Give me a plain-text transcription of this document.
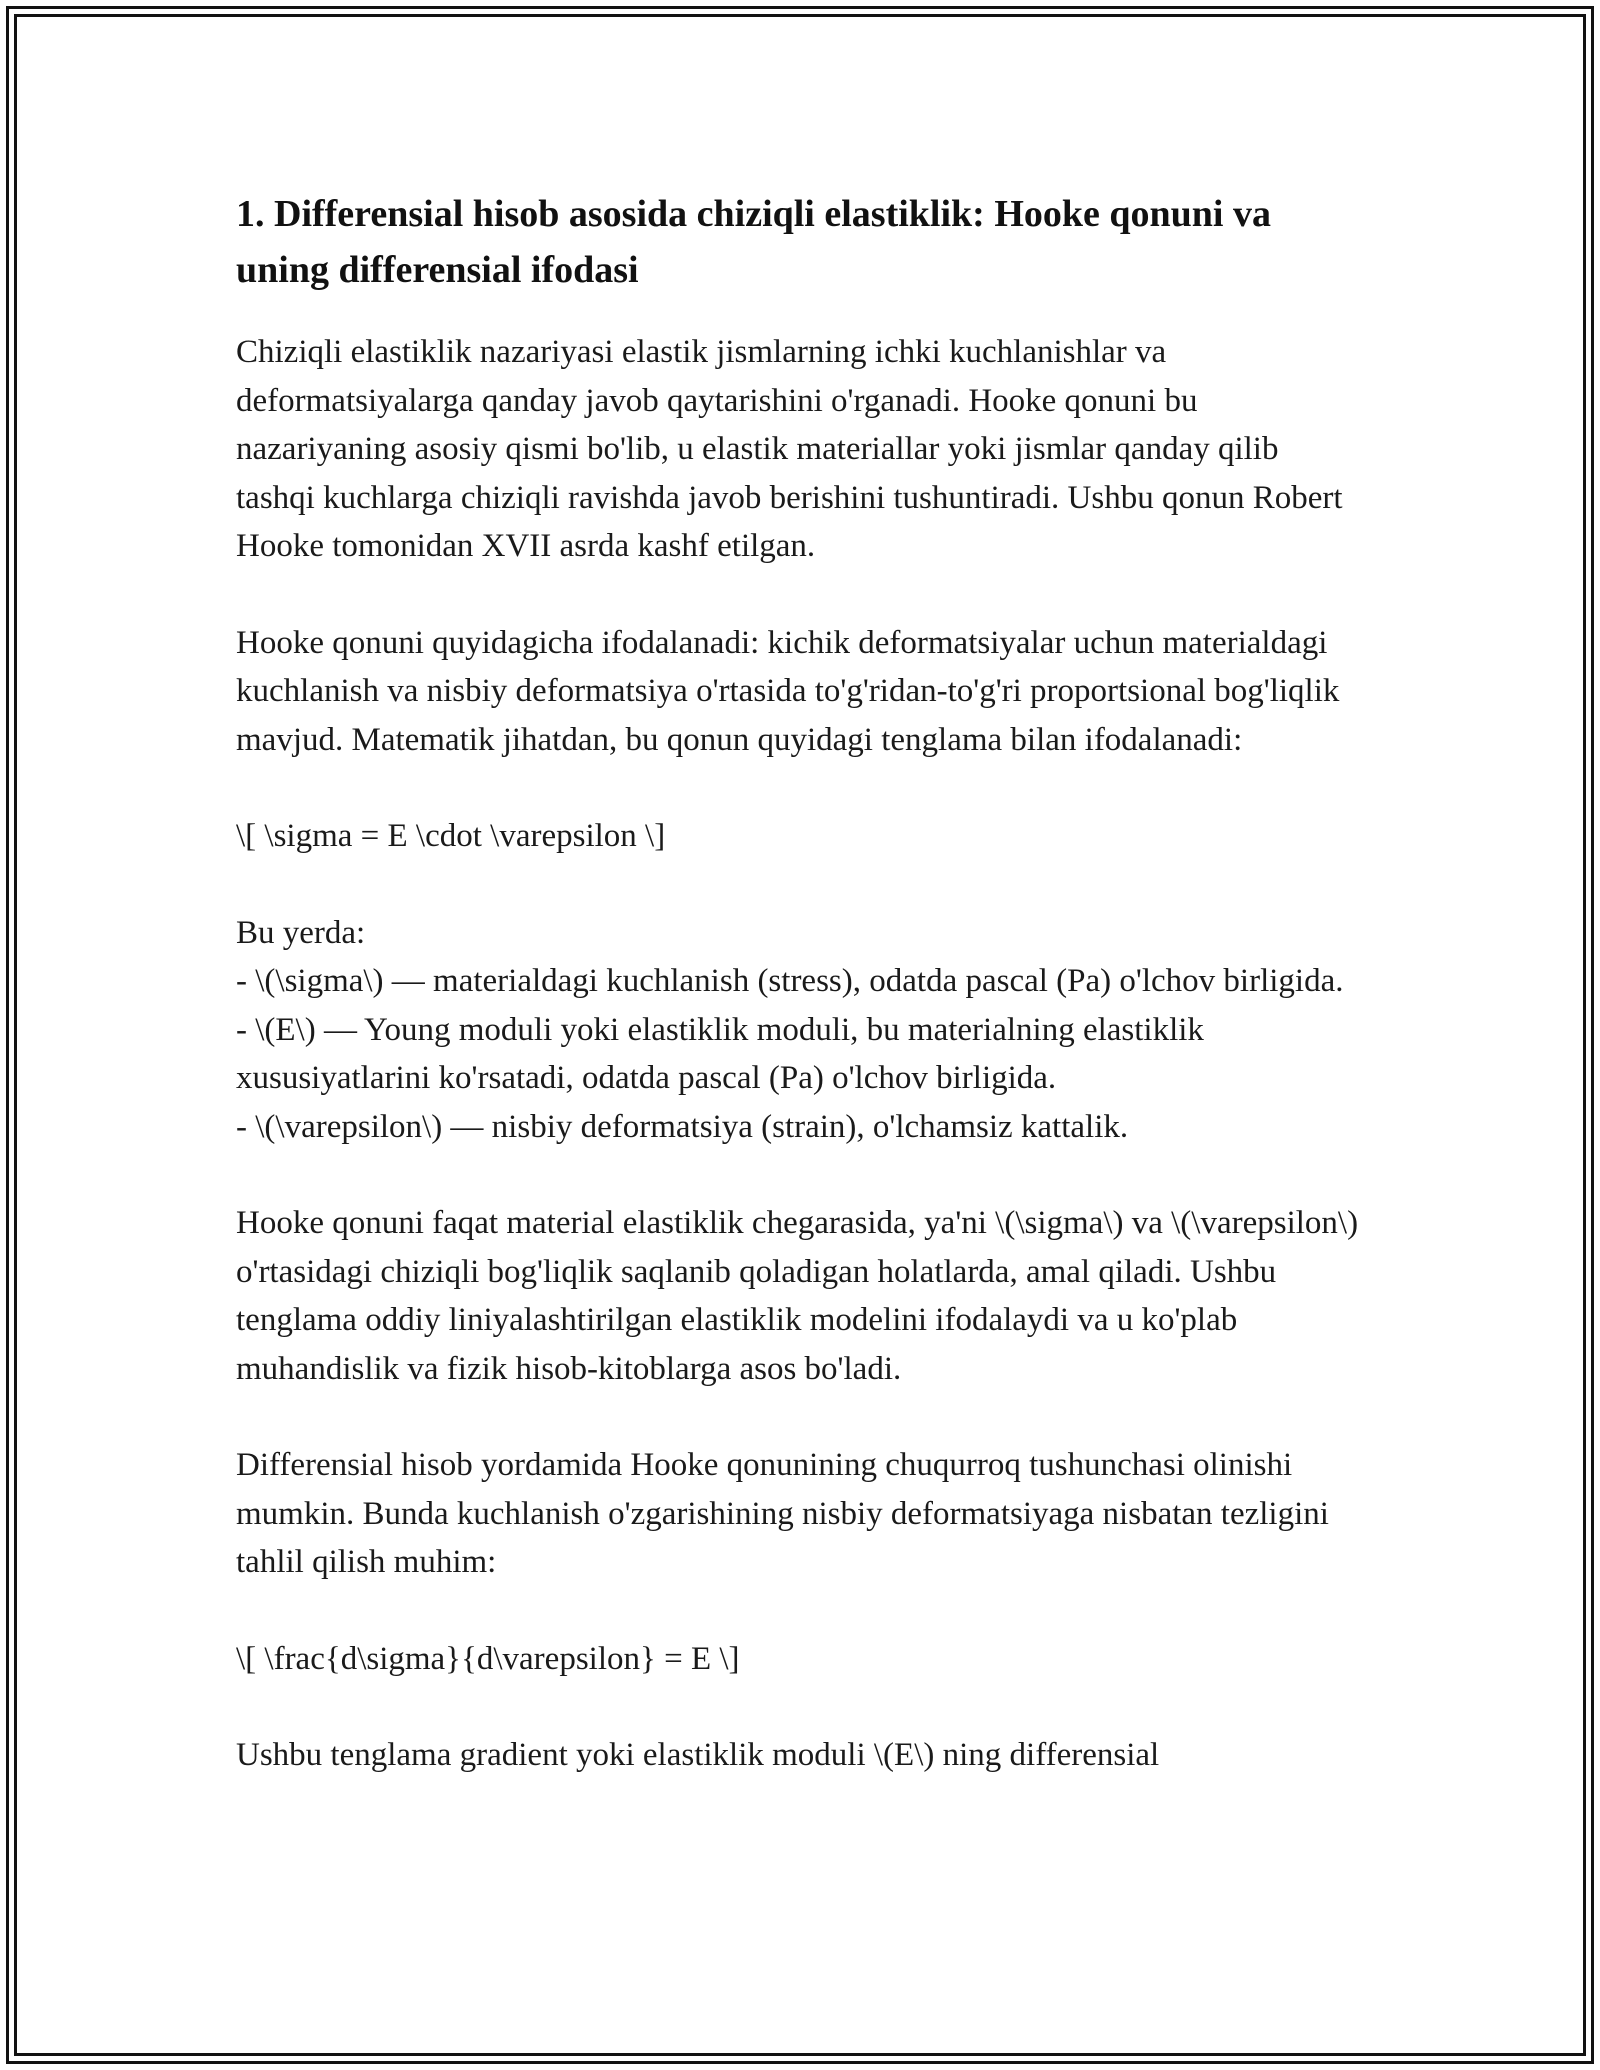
1. Differensial hisob asosida chiziqli elastiklik: Hooke qonuni va uning differensial ifodasi

Chiziqli elastiklik nazariyasi elastik jismlarning ichki kuchlanishlar va deformatsiyalarga qanday javob qaytarishini o'rganadi. Hooke qonuni bu nazariyaning asosiy qismi bo'lib, u elastik materiallar yoki jismlar qanday qilib tashqi kuchlarga chiziqli ravishda javob berishini tushuntiradi. Ushbu qonun Robert Hooke tomonidan XVII asrda kashf etilgan.

Hooke qonuni quyidagicha ifodalanadi: kichik deformatsiyalar uchun materialdagi kuchlanish va nisbiy deformatsiya o'rtasida to'g'ridan-to'g'ri proportsional bog'liqlik mavjud. Matematik jihatdan, bu qonun quyidagi tenglama bilan ifodalanadi:

\[ \sigma = E \cdot \varepsilon \]
Bu yerda:
- \(\sigma\) — materialdagi kuchlanish (stress), odatda pascal (Pa) o'lchov birligida.
- \(E\) — Young moduli yoki elastiklik moduli, bu materialning elastiklik xususiyatlarini ko'rsatadi, odatda pascal (Pa) o'lchov birligida.
- \(\varepsilon\) — nisbiy deformatsiya (strain), o'lchamsiz kattalik.

Hooke qonuni faqat material elastiklik chegarasida, ya'ni \(\sigma\) va \(\varepsilon\) o'rtasidagi chiziqli bog'liqlik saqlanib qoladigan holatlarda, amal qiladi. Ushbu tenglama oddiy liniyalashtirilgan elastiklik modelini ifodalaydi va u ko'plab muhandislik va fizik hisob-kitoblarga asos bo'ladi.

Differensial hisob yordamida Hooke qonunining chuqurroq tushunchasi olinishi mumkin. Bunda kuchlanish o'zgarishining nisbiy deformatsiyaga nisbatan tezligini tahlil qilish muhim:

\[ \frac{d\sigma}{d\varepsilon} = E \]

Ushbu tenglama gradient yoki elastiklik moduli \(E\) ning differensial
